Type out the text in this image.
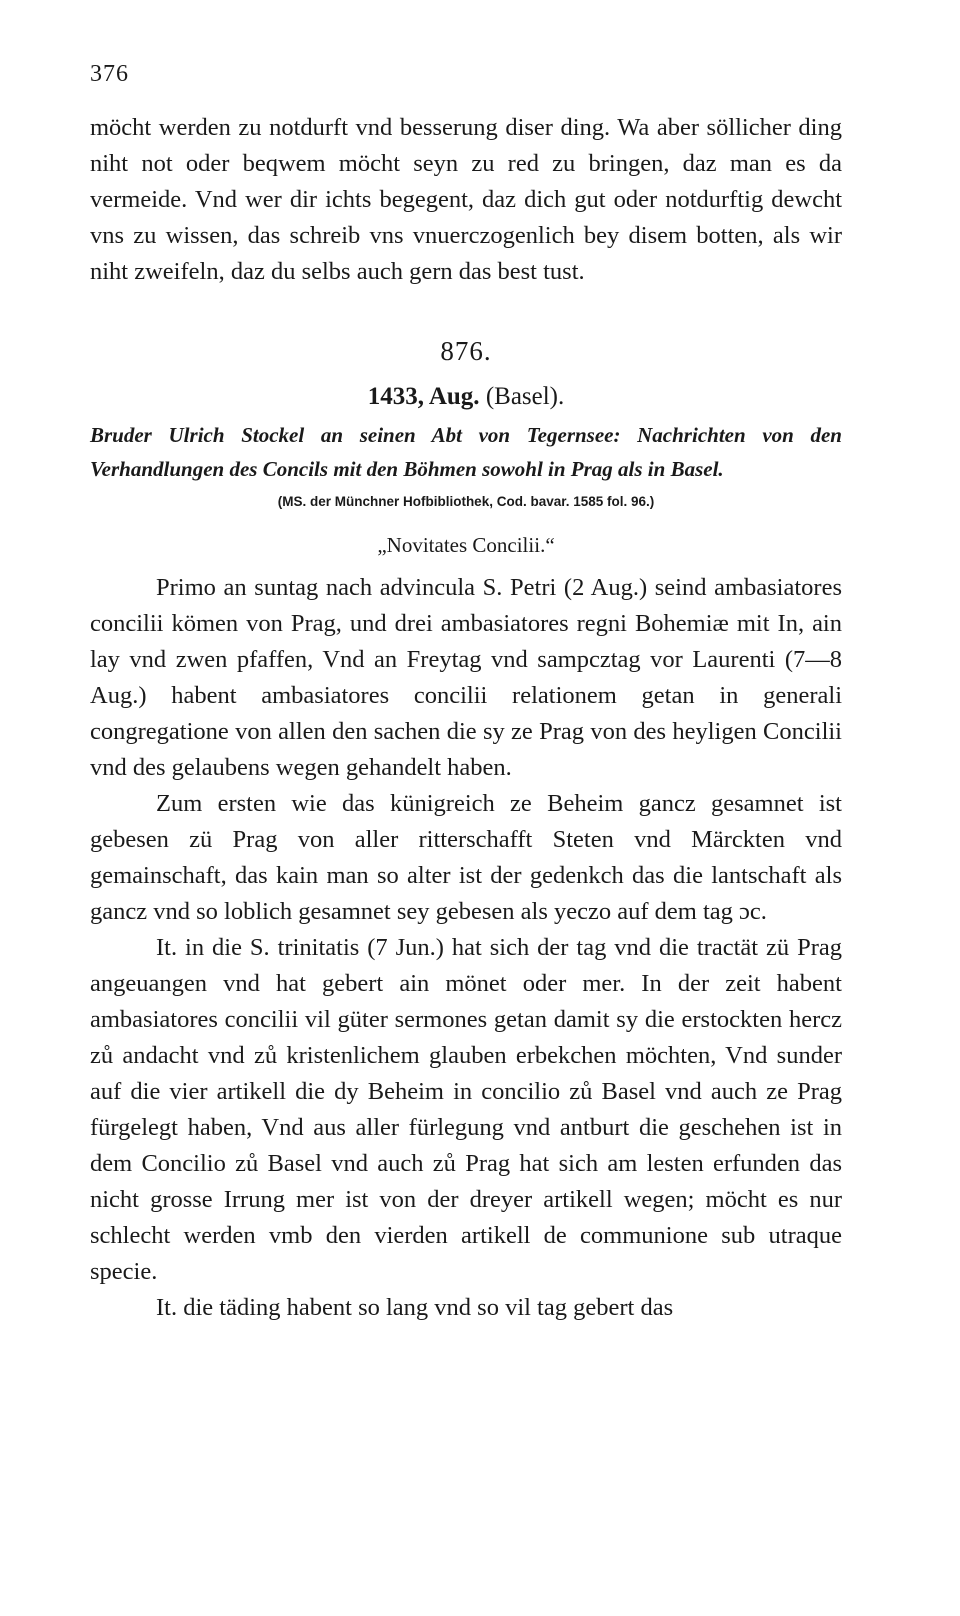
376

möcht werden zu notdurft vnd besserung diser ding. Wa aber söllicher ding niht not oder beqwem möcht seyn zu red zu bringen, daz man es da vermeide. Vnd wer dir ichts begegent, daz dich gut oder notdurftig dewcht vns zu wissen, das schreib vns vnuerczogenlich bey disem botten, als wir niht zweifeln, daz du selbs auch gern das best tust.

876.
1433, Aug. (Basel).

Bruder Ulrich Stockel an seinen Abt von Tegernsee: Nachrichten von den Verhandlungen des Concils mit den Böhmen sowohl in Prag als in Basel.

(MS. der Münchner Hofbibliothek, Cod. bavar. 1585 fol. 96.)
„Novitates Concilii.“

Primo an suntag nach advincula S. Petri (2 Aug.) seind ambasiatores concilii kömen von Prag, und drei ambasiatores regni Bohemiæ mit In, ain lay vnd zwen pfaffen, Vnd an Freytag vnd sampcztag vor Laurenti (7—8 Aug.) habent ambasiatores concilii relationem getan in generali congregatione von allen den sachen die sy ze Prag von des heyligen Concilii vnd des gelaubens wegen gehandelt haben.

Zum ersten wie das künigreich ze Beheim gancz gesamnet ist gebesen zü Prag von aller ritterschafft Steten vnd Märckten vnd gemainschaft, das kain man so alter ist der gedenkch das die lantschaft als gancz vnd so loblich gesamnet sey gebesen als yeczo auf dem tag ɔc.

It. in die S. trinitatis (7 Jun.) hat sich der tag vnd die tractät zü Prag angeuangen vnd hat gebert ain mönet oder mer. In der zeit habent ambasiatores concilii vil güter sermones getan damit sy die erstockten hercz zů andacht vnd zů kristenlichem glauben erbekchen möchten, Vnd sunder auf die vier artikell die dy Beheim in concilio zů Basel vnd auch ze Prag fürgelegt haben, Vnd aus aller fürlegung vnd antburt die geschehen ist in dem Concilio zů Basel vnd auch zů Prag hat sich am lesten erfunden das nicht grosse Irrung mer ist von der dreyer artikell wegen; möcht es nur schlecht werden vmb den vierden artikell de communione sub utraque specie.

It. die täding habent so lang vnd so vil tag gebert das
